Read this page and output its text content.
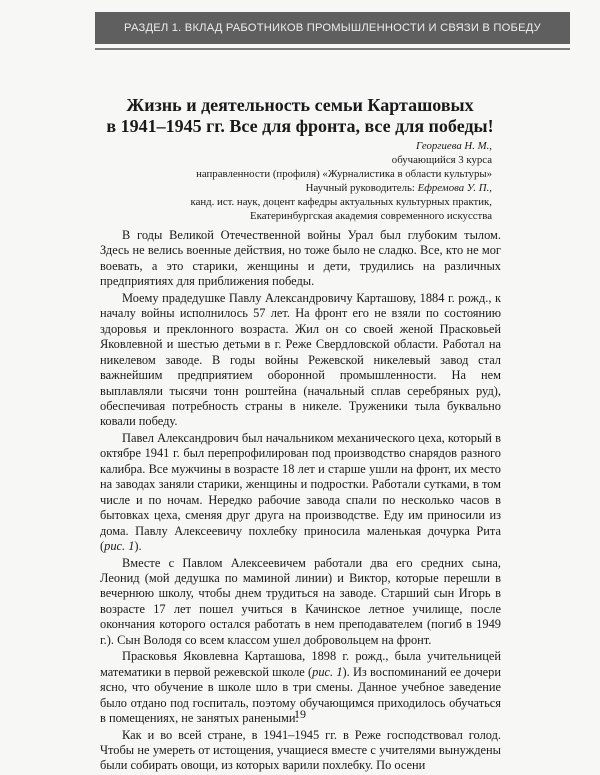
РАЗДЕЛ 1. ВКЛАД РАБОТНИКОВ ПРОМЫШЛЕННОСТИ И СВЯЗИ В ПОБЕДУ
Жизнь и деятельность семьи Карташовых
в 1941–1945 гг. Все для фронта, все для победы!
Георгиева Н. М.,
обучающийся 3 курса
направленности (профиля) «Журналистика в области культуры»
Научный руководитель: Ефремова У. П.,
канд. ист. наук, доцент кафедры актуальных культурных практик,
Екатеринбургская академия современного искусства

В годы Великой Отечественной войны Урал был глубоким тылом. Здесь не велись военные действия, но тоже было не сладко. Все, кто не мог воевать, а это старики, женщины и дети, трудились на различных предприятиях для приближения победы.

Моему прадедушке Павлу Александровичу Карташову, 1884 г. рожд., к началу войны исполнилось 57 лет. На фронт его не взяли по состоянию здоровья и преклонного возраста. Жил он со своей женой Прасковьей Яковлевной и шестью детьми в г. Реже Свердловской области. Работал на никелевом заводе. В годы войны Режевской никелевый завод стал важнейшим предприятием оборонной промышленности. На нем выплавляли тысячи тонн роштейна (начальный сплав серебряных руд), обеспечивая потребность страны в никеле. Труженики тыла буквально ковали победу.

Павел Александрович был начальником механического цеха, который в октябре 1941 г. был перепрофилирован под производство снарядов разного калибра. Все мужчины в возрасте 18 лет и старше ушли на фронт, их место на заводах заняли старики, женщины и подростки. Работали сутками, в том числе и по ночам. Нередко рабочие завода спали по несколько часов в бытовках цеха, сменяя друг друга на производстве. Еду им приносили из дома. Павлу Алексеевичу похлебку приносила маленькая дочурка Рита (рис. 1).

Вместе с Павлом Алексеевичем работали два его средних сына, Леонид (мой дедушка по маминой линии) и Виктор, которые перешли в вечернюю школу, чтобы днем трудиться на заводе. Старший сын Игорь в возрасте 17 лет пошел учиться в Качинское летное училище, после окончания которого остался работать в нем преподавателем (погиб в 1949 г.). Сын Володя со всем классом ушел добровольцем на фронт.

Прасковья Яковлевна Карташова, 1898 г. рожд., была учительницей математики в первой режевской школе (рис. 1). Из воспоминаний ее дочери ясно, что обучение в школе шло в три смены. Данное учебное заведение было отдано под госпиталь, поэтому обучающимся приходилось обучаться в помещениях, не занятых ранеными.

Как и во всей стране, в 1941–1945 гг. в Реже господствовал голод. Чтобы не умереть от истощения, учащиеся вместе с учителями вынуждены были собирать овощи, из которых варили похлебку. По осени

19
